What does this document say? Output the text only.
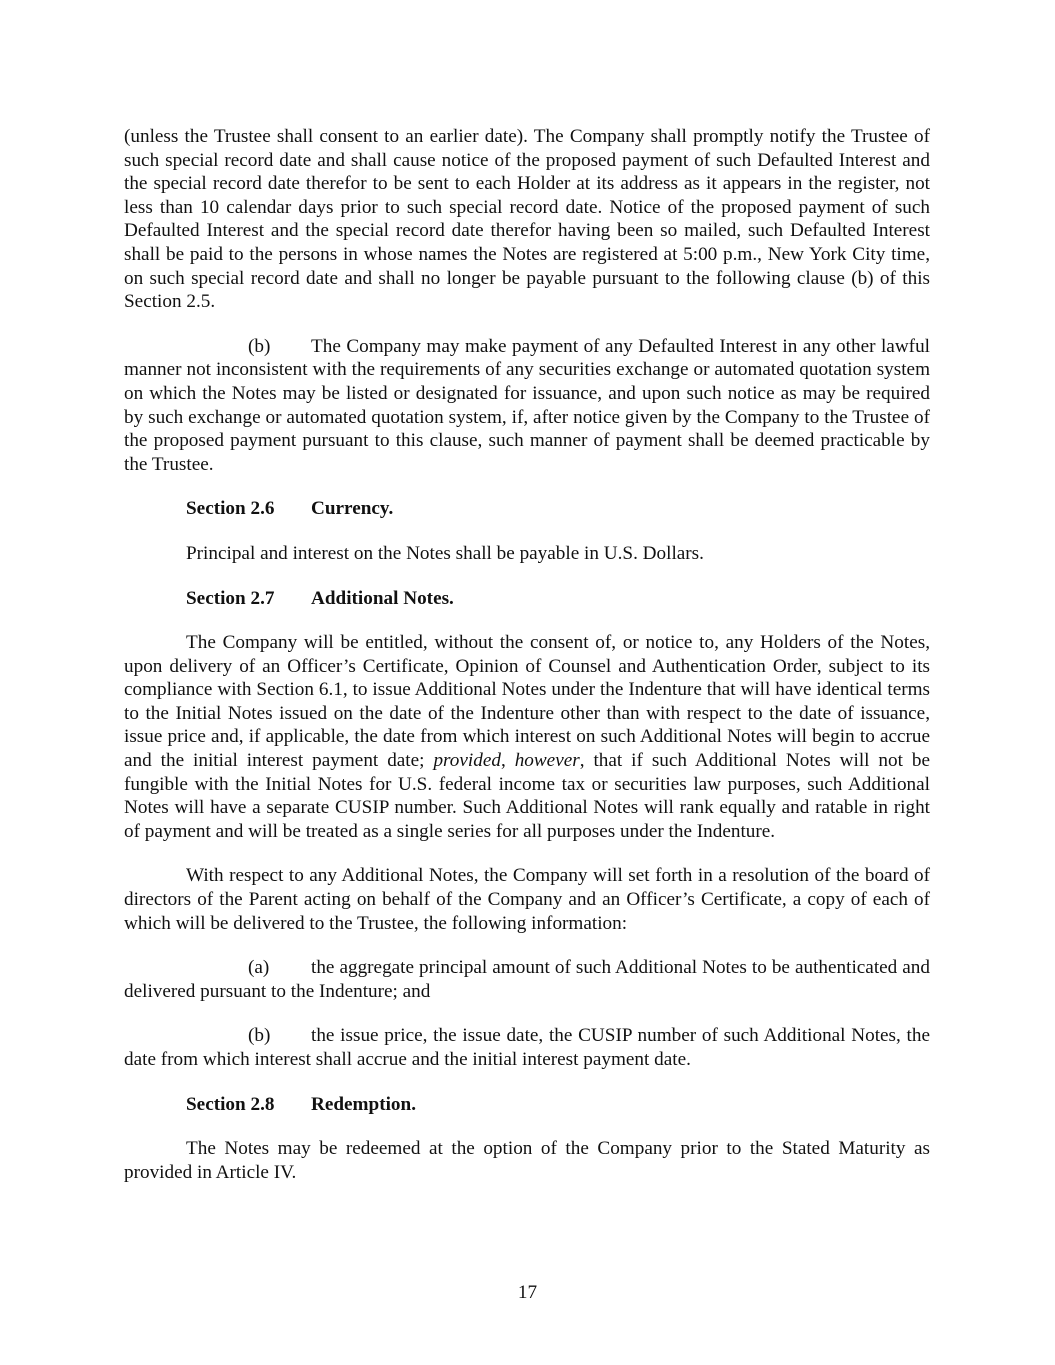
(unless the Trustee shall consent to an earlier date). The Company shall promptly notify the Trustee of such special record date and shall cause notice of the proposed payment of such Defaulted Interest and the special record date therefor to be sent to each Holder at its address as it appears in the register, not less than 10 calendar days prior to such special record date. Notice of the proposed payment of such Defaulted Interest and the special record date therefor having been so mailed, such Defaulted Interest shall be paid to the persons in whose names the Notes are registered at 5:00 p.m., New York City time, on such special record date and shall no longer be payable pursuant to the following clause (b) of this Section 2.5.

(b) The Company may make payment of any Defaulted Interest in any other lawful manner not inconsistent with the requirements of any securities exchange or automated quotation system on which the Notes may be listed or designated for issuance, and upon such notice as may be required by such exchange or automated quotation system, if, after notice given by the Company to the Trustee of the proposed payment pursuant to this clause, such manner of payment shall be deemed practicable by the Trustee.

Section 2.6 Currency.

Principal and interest on the Notes shall be payable in U.S. Dollars.

Section 2.7 Additional Notes.

The Company will be entitled, without the consent of, or notice to, any Holders of the Notes, upon delivery of an Officer’s Certificate, Opinion of Counsel and Authentication Order, subject to its compliance with Section 6.1, to issue Additional Notes under the Indenture that will have identical terms to the Initial Notes issued on the date of the Indenture other than with respect to the date of issuance, issue price and, if applicable, the date from which interest on such Additional Notes will begin to accrue and the initial interest payment date; provided, however, that if such Additional Notes will not be fungible with the Initial Notes for U.S. federal income tax or securities law purposes, such Additional Notes will have a separate CUSIP number. Such Additional Notes will rank equally and ratable in right of payment and will be treated as a single series for all purposes under the Indenture.

With respect to any Additional Notes, the Company will set forth in a resolution of the board of directors of the Parent acting on behalf of the Company and an Officer’s Certificate, a copy of each of which will be delivered to the Trustee, the following information:

(a) the aggregate principal amount of such Additional Notes to be authenticated and delivered pursuant to the Indenture; and

(b) the issue price, the issue date, the CUSIP number of such Additional Notes, the date from which interest shall accrue and the initial interest payment date.

Section 2.8 Redemption.

The Notes may be redeemed at the option of the Company prior to the Stated Maturity as provided in Article IV.

17
